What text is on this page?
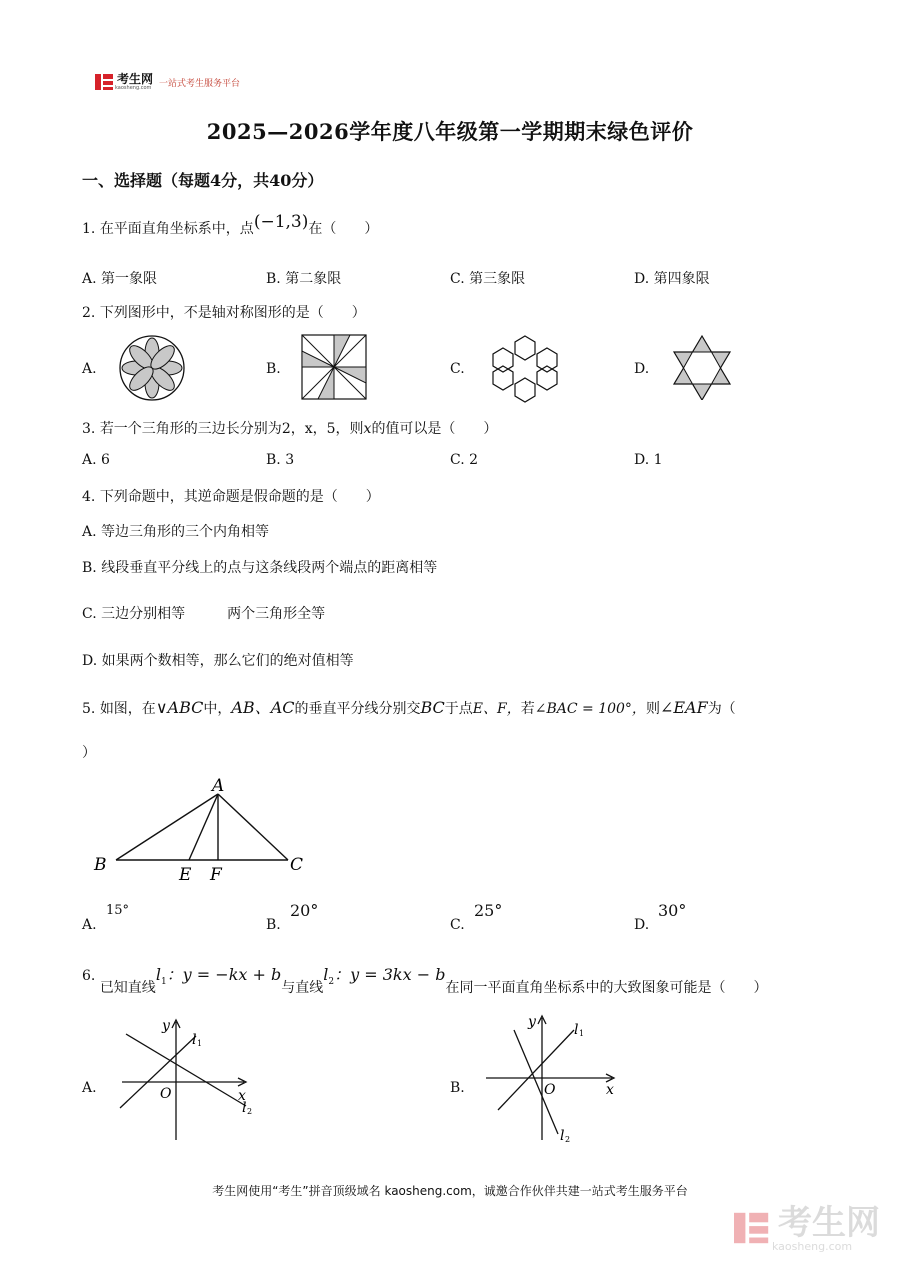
考生网
kaosheng.com 一站式考生服务平台
2025—2026学年度八年级第一学期期末绿色评价
一、选择题（每题4分，共40分）
1. 在平面直角坐标系中，点(−1,3)在（　　）
A. 第一象限	B. 第二象限	C. 第三象限	D. 第四象限
2. 下列图形中，不是轴对称图形的是（　　）
A.	B.	C.	D.
3. 若一个三角形的三边长分别为2，x，5，则x的值可以是（　　）
A. 6	B. 3	C. 2	D. 1
4. 下列命题中，其逆命题是假命题的是（　　）
A. 等边三角形的三个内角相等
B. 线段垂直平分线上的点与这条线段两个端点的距离相等
C. 三边分别相等	两个三角形全等
D. 如果两个数相等，那么它们的绝对值相等
5. 如图，在∨ABC中，AB、AC的垂直平分线分别交BC于点E、F，若∠BAC = 100°，则∠EAF为（
）
A
B	C
E F
A.
15°
B.
20°
C.
25°
D.
30°
6. 已知直线$l_1$：y = −kx + b与直线$l_2$：y = 3kx − b在同一平面直角坐标系中的大致图象可能是（　　）
A.
y
x
O
l 1
l 2
B.
y
x
O
l 1
l 2
考生网使用“考生”拼音顶级域名 kaosheng.com，诚邀合作伙伴共建一站式考生服务平台
考生网
kaosheng.com
